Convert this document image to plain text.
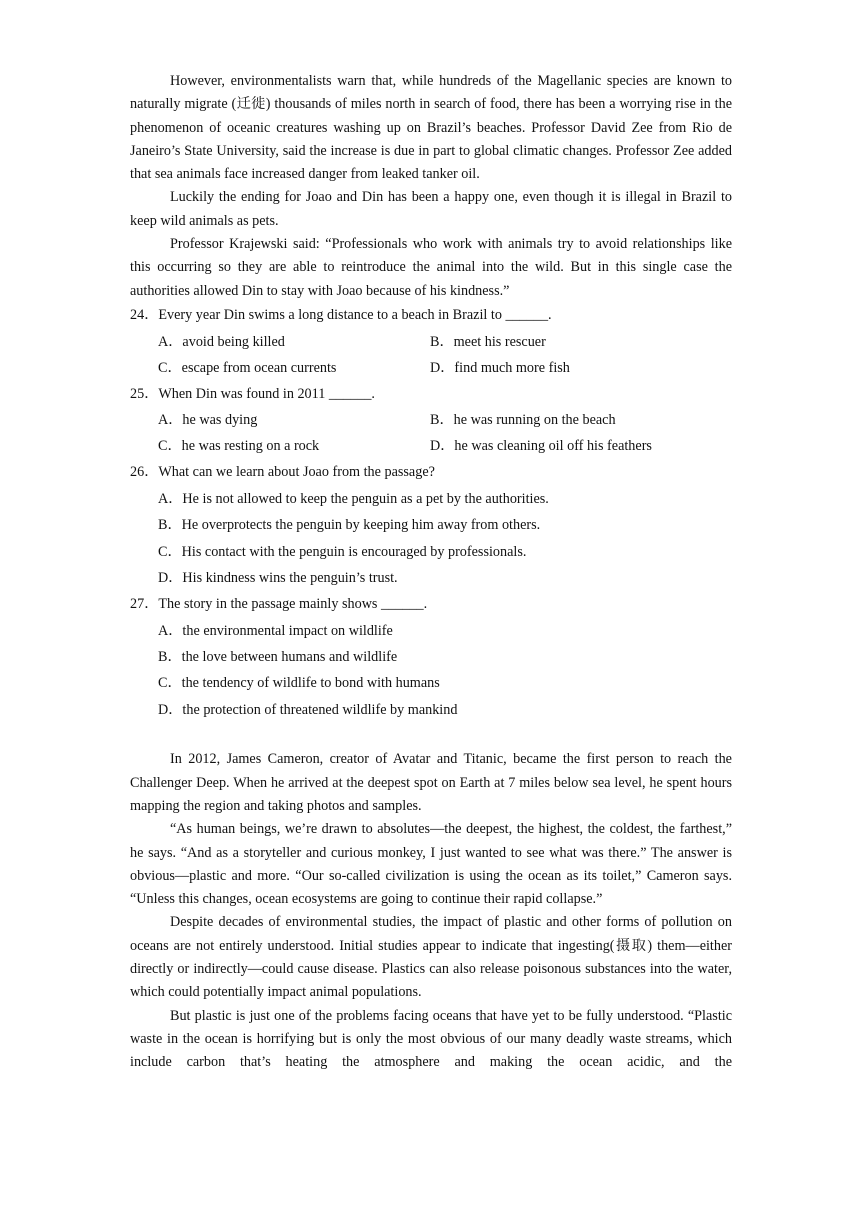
However, environmentalists warn that, while hundreds of the Magellanic species are known to naturally migrate (迁徙) thousands of miles north in search of food, there has been a worrying rise in the phenomenon of oceanic creatures washing up on Brazil’s beaches. Professor David Zee from Rio de Janeiro’s State University, said the increase is due in part to global climatic changes. Professor Zee added that sea animals face increased danger from leaked tanker oil.

Luckily the ending for Joao and Din has been a happy one, even though it is illegal in Brazil to keep wild animals as pets.

Professor Krajewski said: “Professionals who work with animals try to avoid relationships like this occurring so they are able to reintroduce the animal into the wild. But in this single case the authorities allowed Din to stay with Joao because of his kindness.”

24．Every year Din swims a long distance to a beach in Brazil to ______.

A．avoid being killed	B．meet his rescuer
C．escape from ocean currents	D．find much more fish

25．When Din was found in 2011 ______.

A．he was dying	B．he was running on the beach
C．he was resting on a rock	D．he was cleaning oil off his feathers

26．What can we learn about Joao from the passage?

A．He is not allowed to keep the penguin as a pet by the authorities.
B．He overprotects the penguin by keeping him away from others.
C．His contact with the penguin is encouraged by professionals.
D．His kindness wins the penguin’s trust.

27．The story in the passage mainly shows ______.

A．the environmental impact on wildlife
B．the love between humans and wildlife
C．the tendency of wildlife to bond with humans
D．the protection of threatened wildlife by mankind

In 2012, James Cameron, creator of Avatar and Titanic, became the first person to reach the Challenger Deep. When he arrived at the deepest spot on Earth at 7 miles below sea level, he spent hours mapping the region and taking photos and samples.

“As human beings, we’re drawn to absolutes—the deepest, the highest, the coldest, the farthest,” he says. “And as a storyteller and curious monkey, I just wanted to see what was there.” The answer is obvious—plastic and more. “Our so-called civilization is using the ocean as its toilet,” Cameron says. “Unless this changes, ocean ecosystems are going to continue their rapid collapse.”

Despite decades of environmental studies, the impact of plastic and other forms of pollution on oceans are not entirely understood. Initial studies appear to indicate that ingesting(摄取) them—either directly or indirectly—could cause disease. Plastics can also release poisonous substances into the water, which could potentially impact animal populations.

But plastic is just one of the problems facing oceans that have yet to be fully understood. “Plastic waste in the ocean is horrifying but is only the most obvious of our many deadly waste streams, which include carbon that’s heating the atmosphere and making the ocean acidic, and the
